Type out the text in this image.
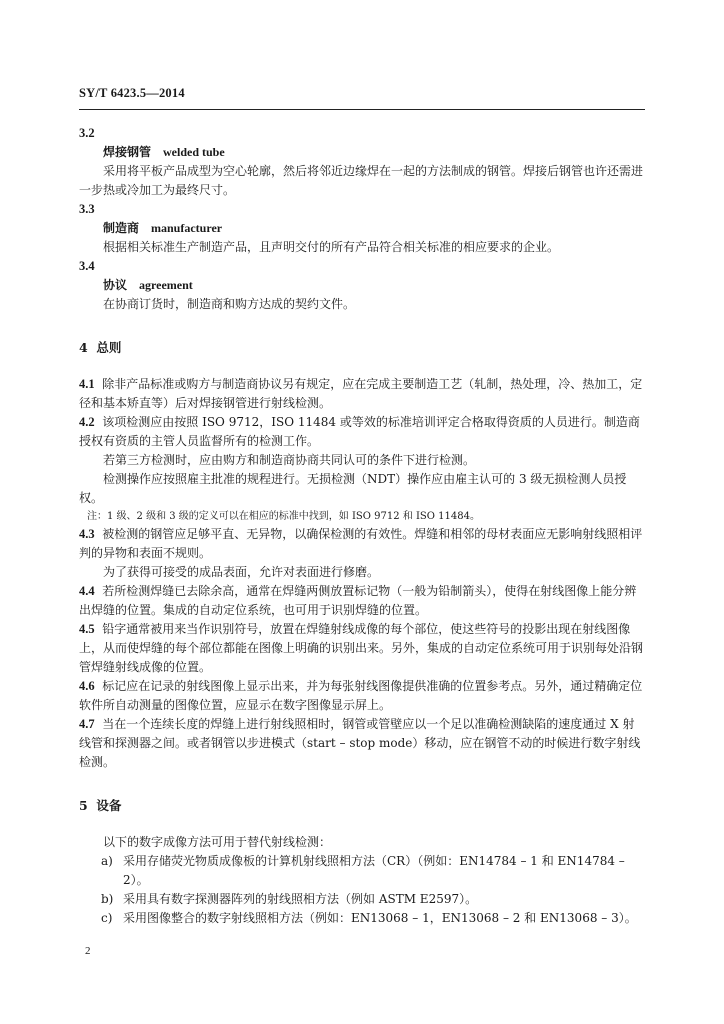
SY/T 6423.5—2014
3.2
焊接钢管 welded tube
采用将平板产品成型为空心轮廓，然后将邻近边缘焊在一起的方法制成的钢管。焊接后钢管也许还需进一步热或冷加工为最终尺寸。
3.3
制造商 manufacturer
根据相关标准生产制造产品，且声明交付的所有产品符合相关标准的相应要求的企业。
3.4
协议 agreement
在协商订货时，制造商和购方达成的契约文件。
4 总则
4.1 除非产品标准或购方与制造商协议另有规定，应在完成主要制造工艺（轧制，热处理，冷、热加工，定径和基本矫直等）后对焊接钢管进行射线检测。
4.2 该项检测应由按照 ISO 9712，ISO 11484 或等效的标准培训评定合格取得资质的人员进行。制造商授权有资质的主管人员监督所有的检测工作。
若第三方检测时，应由购方和制造商协商共同认可的条件下进行检测。
检测操作应按照雇主批准的规程进行。无损检测（NDT）操作应由雇主认可的 3 级无损检测人员授权。
注：1 级、2 级和 3 级的定义可以在相应的标准中找到，如 ISO 9712 和 ISO 11484。
4.3 被检测的钢管应足够平直、无异物，以确保检测的有效性。焊缝和相邻的母材表面应无影响射线照相评判的异物和表面不规则。
为了获得可接受的成品表面，允许对表面进行修磨。
4.4 若所检测焊缝已去除余高，通常在焊缝两侧放置标记物（一般为铅制箭头），使得在射线图像上能分辨出焊缝的位置。集成的自动定位系统，也可用于识别焊缝的位置。
4.5 铅字通常被用来当作识别符号，放置在焊缝射线成像的每个部位，使这些符号的投影出现在射线图像上，从而使焊缝的每个部位都能在图像上明确的识别出来。另外，集成的自动定位系统可用于识别每处沿钢管焊缝射线成像的位置。
4.6 标记应在记录的射线图像上显示出来，并为每张射线图像提供准确的位置参考点。另外，通过精确定位软件所自动测量的图像位置，应显示在数字图像显示屏上。
4.7 当在一个连续长度的焊缝上进行射线照相时，钢管或管壁应以一个足以准确检测缺陷的速度通过 X 射线管和探测器之间。或者钢管以步进模式（start – stop mode）移动，应在钢管不动的时候进行数字射线检测。
5 设备
以下的数字成像方法可用于替代射线检测：
a) 采用存储荧光物质成像板的计算机射线照相方法（CR）（例如：EN14784 – 1 和 EN14784 – 2）。
b) 采用具有数字探测器阵列的射线照相方法（例如 ASTM E2597）。
c) 采用图像整合的数字射线照相方法（例如：EN13068 – 1，EN13068 – 2 和 EN13068 – 3）。
2
